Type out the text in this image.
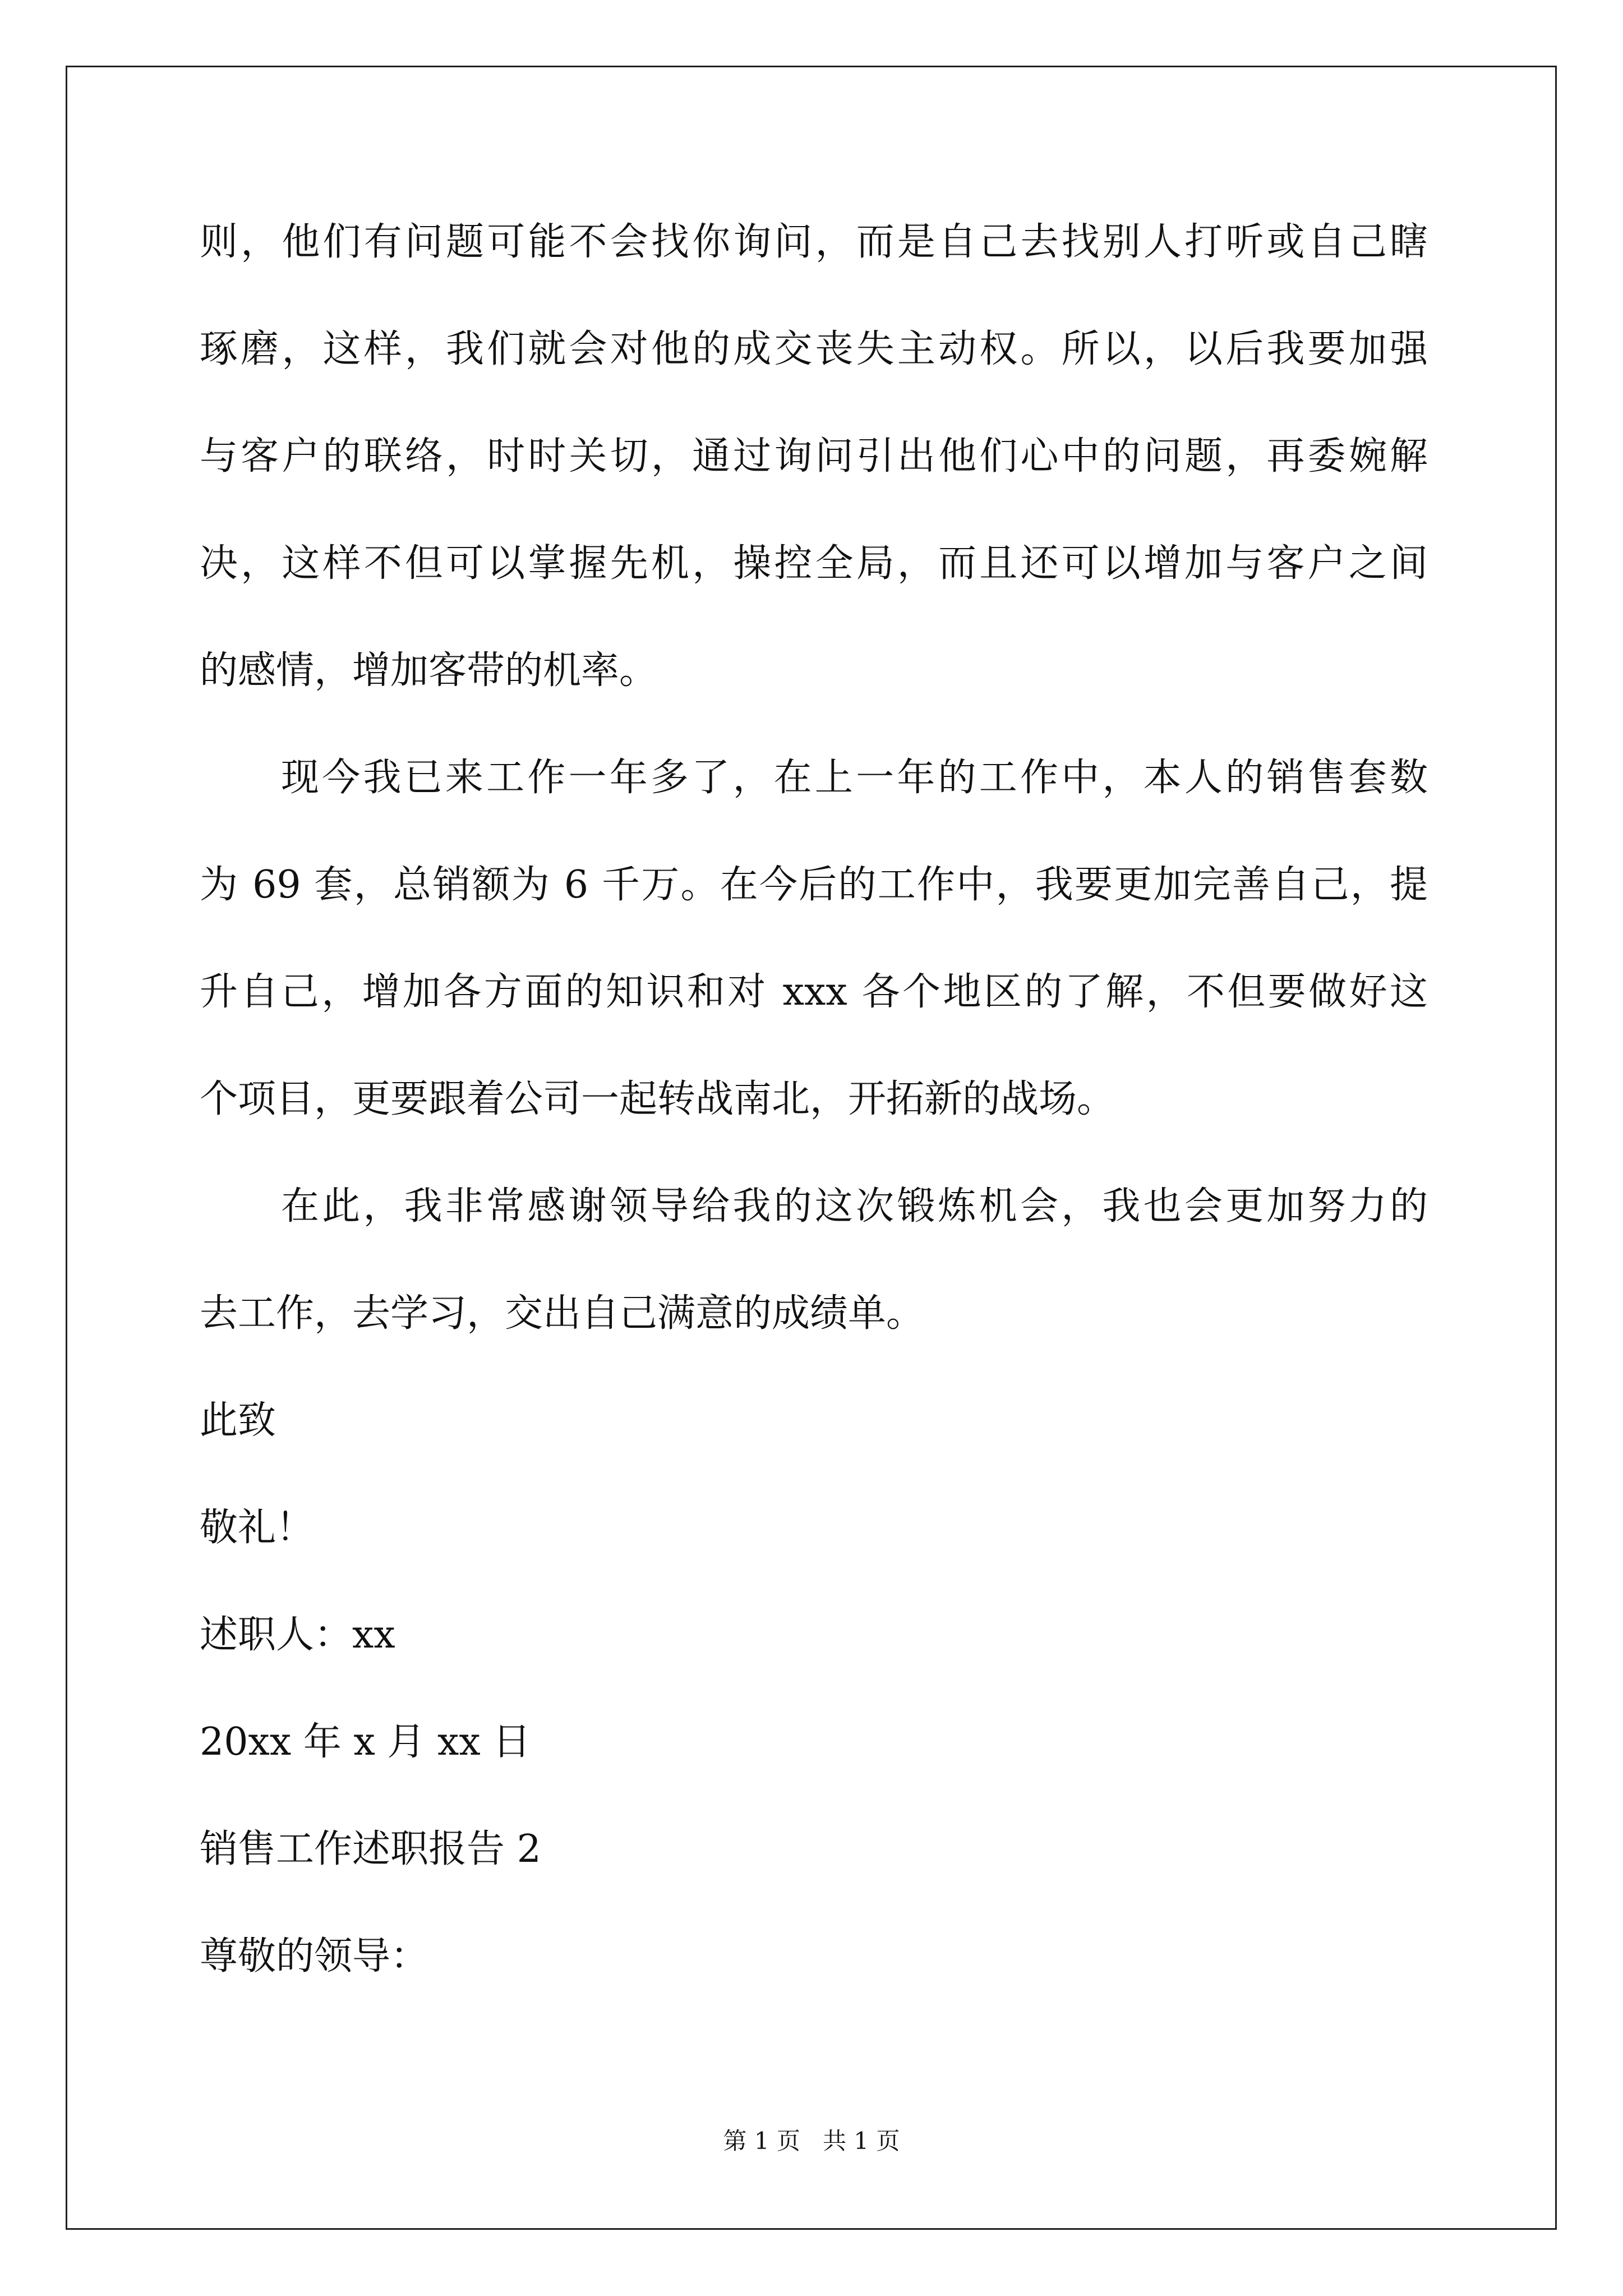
则，他们有问题可能不会找你询问，而是自己去找别人打听或自己瞎
琢磨，这样，我们就会对他的成交丧失主动权。所以，以后我要加强
与客户的联络，时时关切，通过询问引出他们心中的问题，再委婉解
决，这样不但可以掌握先机，操控全局，而且还可以增加与客户之间
的感情，增加客带的机率。
现今我已来工作一年多了，在上一年的工作中，本人的销售套数
为 69 套，总销额为 6 千万。在今后的工作中，我要更加完善自己，提
升自己，增加各方面的知识和对 xxx 各个地区的了解，不但要做好这
个项目，更要跟着公司一起转战南北，开拓新的战场。
在此，我非常感谢领导给我的这次锻炼机会，我也会更加努力的
去工作，去学习，交出自己满意的成绩单。
此致
敬礼！
述职人：xx
20xx 年 x 月 xx 日
销售工作述职报告 2
尊敬的领导：
第 1 页   共 1 页
